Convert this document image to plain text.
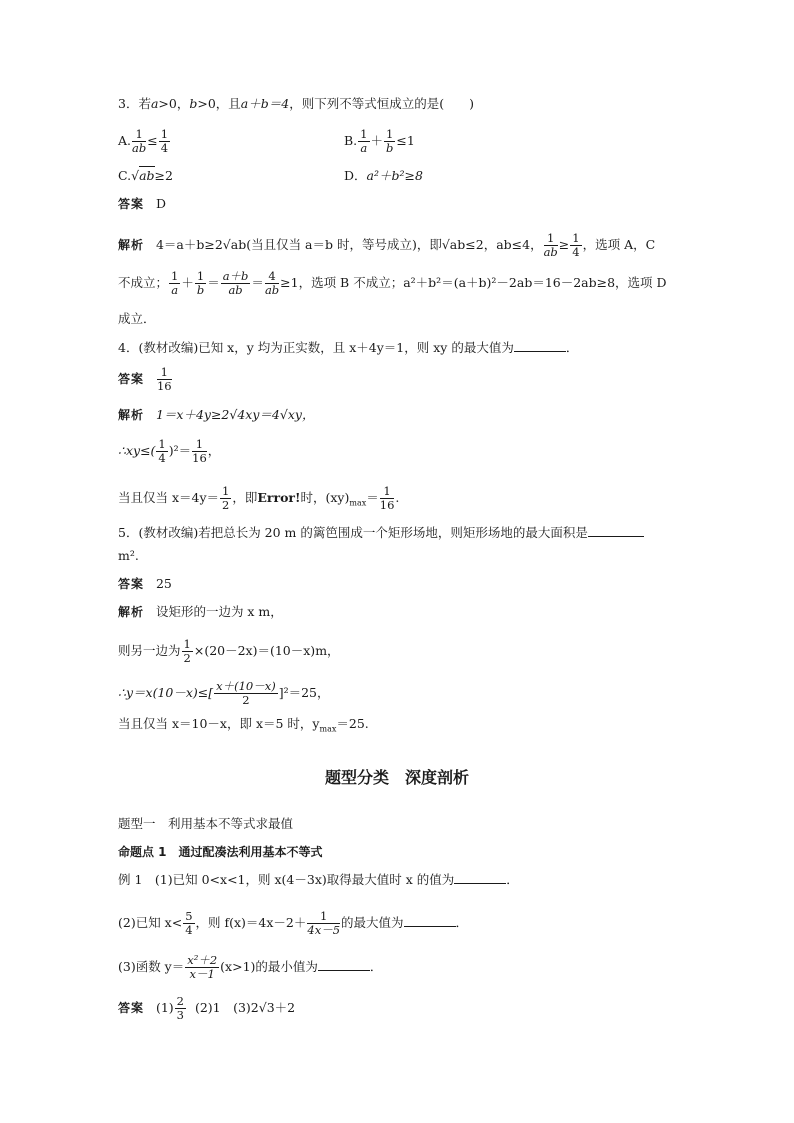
3．若a>0，b>0，且a＋b＝4，则下列不等式恒成立的是(　　)
A. $\frac{1}{ab} \le \frac{1}{4}$	B. $\frac{1}{a} + \frac{1}{b} \le 1$
C.√ab≥2	D．a²＋b²≥8
答案 D
解析 4＝a＋b≥2√ab(当且仅当 a＝b 时，等号成立)，即√ab≤2，ab≤4， $\frac{1}{ab} \ge \frac{1}{4}$ ，选项 A，C
不成立； $\frac{1}{a} + \frac{1}{b} = \frac{a+b}{ab} = \frac{4}{ab} \ge 1$，选项 B 不成立；a²＋b²＝(a＋b)²－2ab＝16－2ab≥8，选项 D
成立．
4．(教材改编)已知 x，y 均为正实数，且 x＋4y＝1，则 xy 的最大值为	．
答案 $\frac{1}{16}$
解析 1＝x＋4y≥2√4xy＝4√xy，
∴xy≤( $\frac{1}{4} )^2= \frac{1}{16}$ ，
当且仅当 $x=4y= \frac{1}{2}$ ，即Error!时，$(xy)_{max}= \frac{1}{16}$ .
5．(教材改编)若把总长为 20 m 的篱笆围成一个矩形场地，则矩形场地的最大面积是
m².
答案 25
解析 设矩形的一边为 x m，
则另一边为 $\frac{1}{2} \times(20-2x)=(10-x)m$，
∴y＝x(10－x)≤[ $\frac{x+(10-x)}{2} ]^2=25$，
当且仅当 x＝10－x，即 x＝5 时，$y_{max}=25$.
题型分类　深度剖析
题型一　利用基本不等式求最值
命题点 1　通过配凑法利用基本不等式
例 1　(1)已知 0<x<1，则 x(4－3x)取得最大值时 x 的值为	．
(2)已知 $x< \frac{5}{4}$ ，则 $f(x)=4x-2+ \frac{1}{4x-5}$ 的最大值为	．
(3)函数 $y= \frac{\text{x²＋2}}{x-1} (x>1)$的最小值为	．
答案 $(1) \frac{2}{3} (2)1$　(3)2√3＋2
